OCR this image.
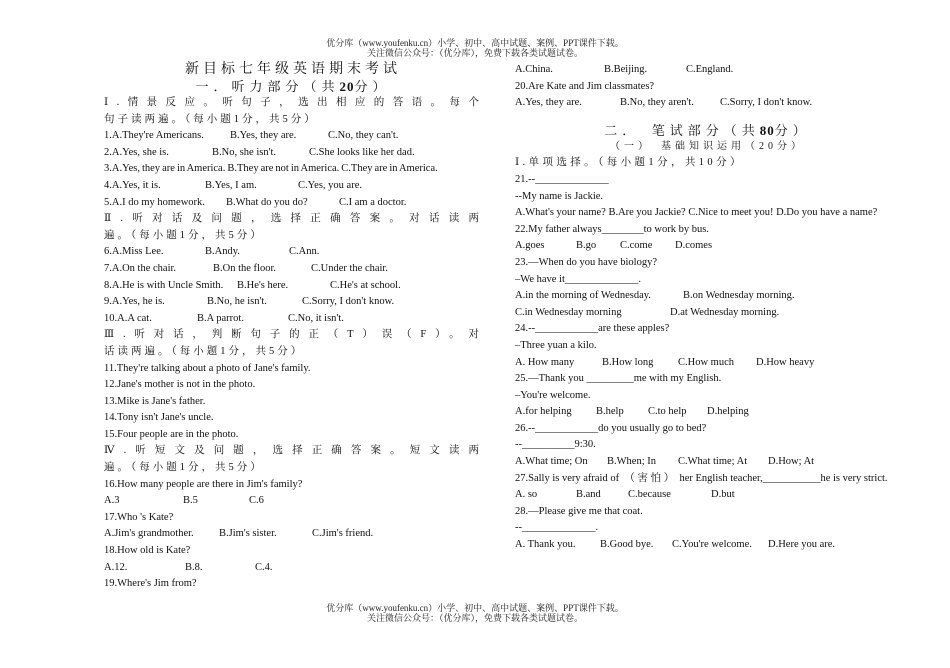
优分库（www.youfenku.cn）小学、初中、高中试题、案例、PPT课件下载。
关注微信公众号：（优分库），免费下载各类试题试卷。
新目标七年级英语期末考试
一．听力部分（共20分）
Ⅰ.情景反应。听句子，选出相应的答语。每个
句子读两遍。（每小题1分，共5分）
1.A.They're Americans. B.Yes, they are.	C.No, they can't.
2.A.Yes, she is.	B.No, she isn't.	C.She looks like her dad.
3.A.Yes, they are in America. B.They are not in America. C.They are in America.
4.A.Yes, it is.	B.Yes, I am.	C.Yes, you are.
5.A.I do my homework. B.What do you do?	C.I am a doctor.
Ⅱ.听对话及问题，选择正确答案。对话读两
遍。（每小题1分，共5分）
6.A.Miss Lee.	B.Andy.	C.Ann.
7.A.On the chair.	B.On the floor.	C.Under the chair.
8.A.He is with Uncle Smith. B.He's here.	C.He's at school.
9.A.Yes, he is.	B.No, he isn't.	C.Sorry, I don't know.
10.A.A cat.	B.A parrot.	C.No, it isn't.
Ⅲ.听对话，判断句子的正（T）误（F）。对
话读两遍。（每小题1分，共5分）
11.They're talking about a photo of Jane's family.
12.Jane's mother is not in the photo.
13.Mike is Jane's father.
14.Tony isn't Jane's uncle.
15.Four people are in the photo.
Ⅳ.听短文及问题，选择正确答案。短文读两
遍。（每小题1分，共5分）
16.How many people are there in Jim's family?
A.3	B.5	C.6
17.Who 's Kate?
A.Jim's grandmother. B.Jim's sister.	C.Jim's friend.
18.How old is Kate?
A.12.	B.8.	C.4.
19.Where's Jim from?
A.China.	B.Beijing.	C.England.
20.Are Kate and Jim classmates?
A.Yes, they are.	B.No, they aren't. C.Sorry, I don't know.
二．　笔试部分（共80分）
（一）　基础知识运用（20分）
Ⅰ.单项选择。（每小题1分，共10分）
21.--______________
--My name is Jackie.
A.What's your name? B.Are you Jackie? C.Nice to meet you! D.Do you have a name?
22.My father always________to work by bus.
A.goes	B.go C.come D.comes
23.—When do you have biology?
–We have it______________.
A.in the morning of Wednesday.	B.on Wednesday morning.
C.in Wednesday morning	D.at Wednesday morning.
24.--____________are these apples?
–Three yuan a kilo.
A. How many	B.How long C.How much D.How heavy
25.—Thank you _________me with my English.
–You're welcome.
A.for helping B.help C.to help D.helping
26.--____________do you usually go to bed?
--__________9:30.
A.What time; On B.When; In C.What time; At D.How; At
27.Sally is very afraid of　（ 害 怕 ）　her English teacher,___________he is very strict.
A. so	B.and	C.because	D.but
28.—Please give me that coat.
--______________.
A. Thank you. B.Good bye. C.You're welcome. D.Here you are.
优分库（www.youfenku.cn）小学、初中、高中试题、案例、PPT课件下载。
关注微信公众号：（优分库），免费下载各类试题试卷。
